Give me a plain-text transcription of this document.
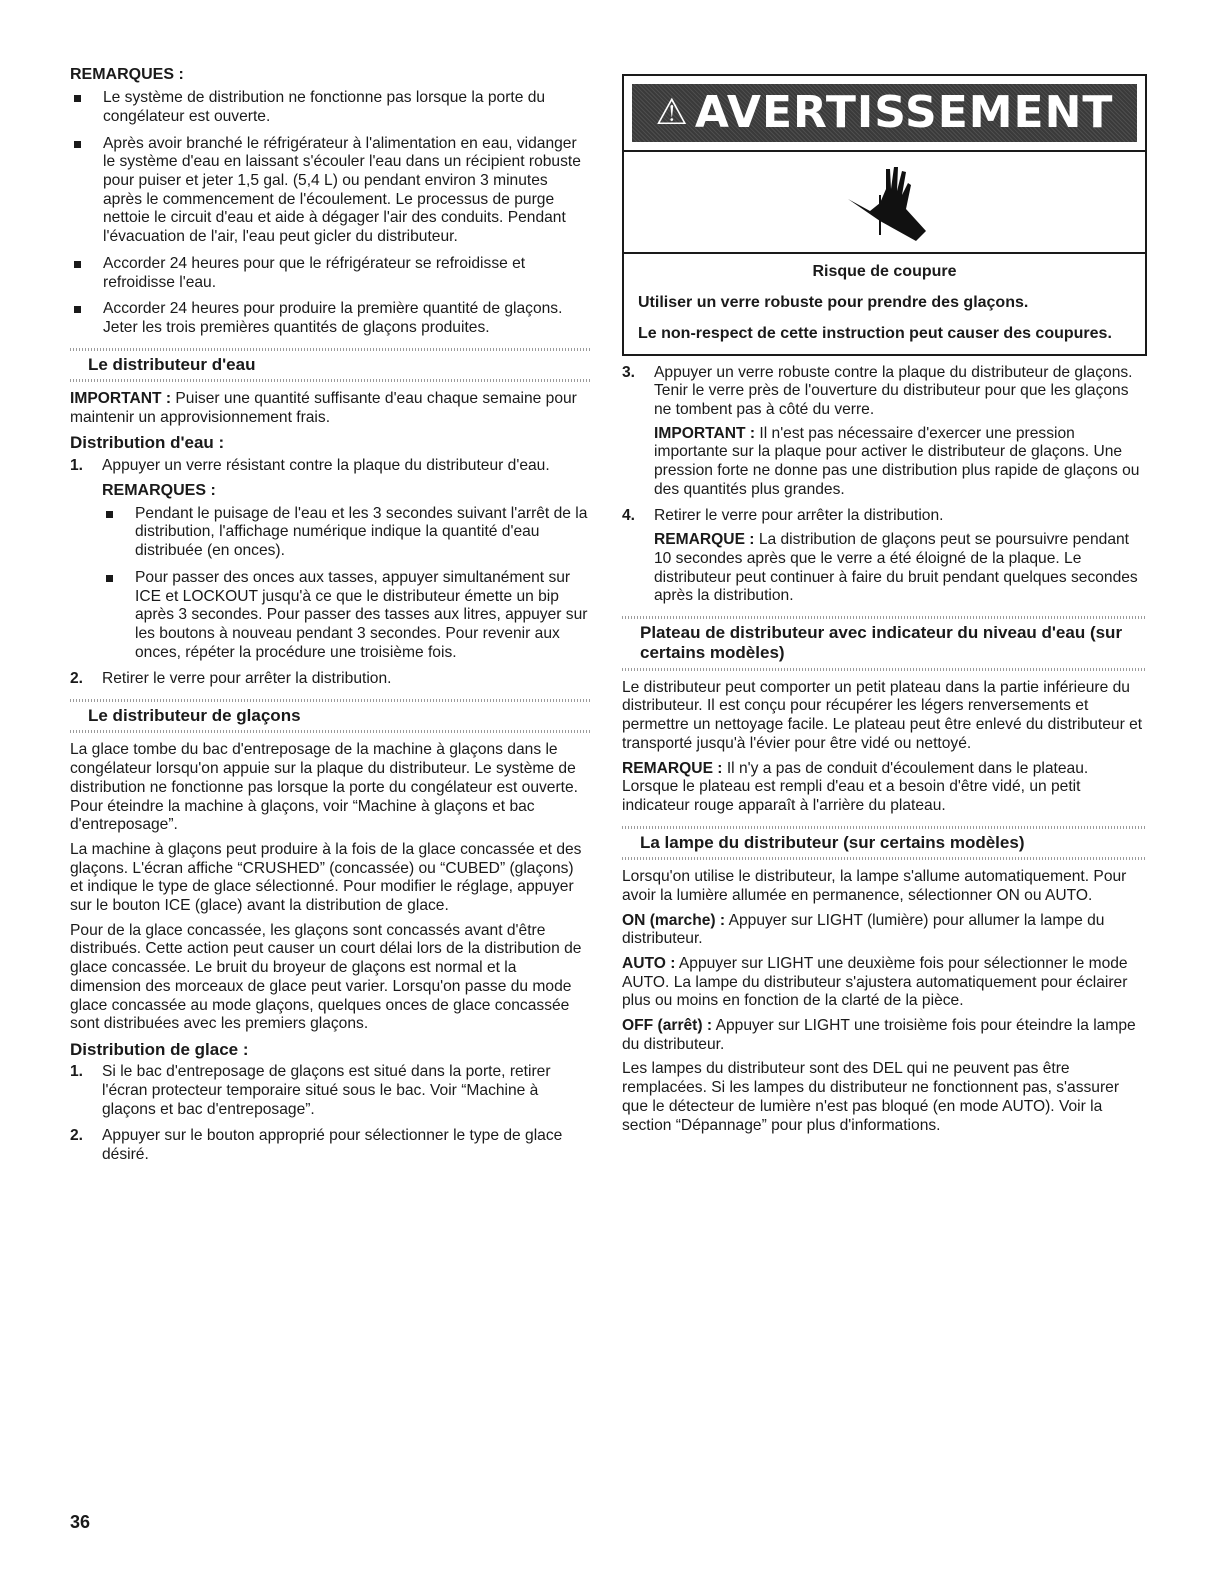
REMARQUES :
Le système de distribution ne fonctionne pas lorsque la porte du congélateur est ouverte.
Après avoir branché le réfrigérateur à l'alimentation en eau, vidanger le système d'eau en laissant s'écouler l'eau dans un récipient robuste pour puiser et jeter 1,5 gal. (5,4 L) ou pendant environ 3 minutes après le commencement de l'écoulement. Le processus de purge nettoie le circuit d'eau et aide à dégager l'air des conduits. Pendant l'évacuation de l'air, l'eau peut gicler du distributeur.
Accorder 24 heures pour que le réfrigérateur se refroidisse et refroidisse l'eau.
Accorder 24 heures pour produire la première quantité de glaçons. Jeter les trois premières quantités de glaçons produites.
Le distributeur d'eau

IMPORTANT : Puiser une quantité suffisante d'eau chaque semaine pour maintenir un approvisionnement frais.

Distribution d'eau :
1. Appuyer un verre résistant contre la plaque du distributeur d'eau.
REMARQUES :
Pendant le puisage de l'eau et les 3 secondes suivant l'arrêt de la distribution, l'affichage numérique indique la quantité d'eau distribuée (en onces).
Pour passer des onces aux tasses, appuyer simultanément sur ICE et LOCKOUT jusqu'à ce que le distributeur émette un bip après 3 secondes. Pour passer des tasses aux litres, appuyer sur les boutons à nouveau pendant 3 secondes. Pour revenir aux onces, répéter la procédure une troisième fois.
2. Retirer le verre pour arrêter la distribution.
Le distributeur de glaçons

La glace tombe du bac d'entreposage de la machine à glaçons dans le congélateur lorsqu'on appuie sur la plaque du distributeur. Le système de distribution ne fonctionne pas lorsque la porte du congélateur est ouverte. Pour éteindre la machine à glaçons, voir “Machine à glaçons et bac d'entreposage”.

La machine à glaçons peut produire à la fois de la glace concassée et des glaçons. L'écran affiche “CRUSHED” (concassée) ou “CUBED” (glaçons) et indique le type de glace sélectionné. Pour modifier le réglage, appuyer sur le bouton ICE (glace) avant la distribution de glace.

Pour de la glace concassée, les glaçons sont concassés avant d'être distribués. Cette action peut causer un court délai lors de la distribution de glace concassée. Le bruit du broyeur de glaçons est normal et la dimension des morceaux de glace peut varier. Lorsqu'on passe du mode glace concassée au mode glaçons, quelques onces de glace concassée sont distribuées avec les premiers glaçons.

Distribution de glace :
1. Si le bac d'entreposage de glaçons est situé dans la porte, retirer l'écran protecteur temporaire situé sous le bac. Voir “Machine à glaçons et bac d'entreposage”.
2. Appuyer sur le bouton approprié pour sélectionner le type de glace désiré.
⚠ AVERTISSEMENT
Risque de coupure
Utiliser un verre robuste pour prendre des glaçons.
Le non-respect de cette instruction peut causer des coupures.
3. Appuyer un verre robuste contre la plaque du distributeur de glaçons. Tenir le verre près de l'ouverture du distributeur pour que les glaçons ne tombent pas à côté du verre.

IMPORTANT : Il n'est pas nécessaire d'exercer une pression importante sur la plaque pour activer le distributeur de glaçons. Une pression forte ne donne pas une distribution plus rapide de glaçons ou des quantités plus grandes.

4. Retirer le verre pour arrêter la distribution.

REMARQUE : La distribution de glaçons peut se poursuivre pendant 10 secondes après que le verre a été éloigné de la plaque. Le distributeur peut continuer à faire du bruit pendant quelques secondes après la distribution.

Plateau de distributeur avec indicateur du niveau d'eau (sur certains modèles)

Le distributeur peut comporter un petit plateau dans la partie inférieure du distributeur. Il est conçu pour récupérer les légers renversements et permettre un nettoyage facile. Le plateau peut être enlevé du distributeur et transporté jusqu'à l'évier pour être vidé ou nettoyé.

REMARQUE : Il n'y a pas de conduit d'écoulement dans le plateau. Lorsque le plateau est rempli d'eau et a besoin d'être vidé, un petit indicateur rouge apparaît à l'arrière du plateau.

La lampe du distributeur (sur certains modèles)

Lorsqu'on utilise le distributeur, la lampe s'allume automatiquement. Pour avoir la lumière allumée en permanence, sélectionner ON ou AUTO.

ON (marche) : Appuyer sur LIGHT (lumière) pour allumer la lampe du distributeur.

AUTO : Appuyer sur LIGHT une deuxième fois pour sélectionner le mode AUTO. La lampe du distributeur s'ajustera automatiquement pour éclairer plus ou moins en fonction de la clarté de la pièce.

OFF (arrêt) : Appuyer sur LIGHT une troisième fois pour éteindre la lampe du distributeur.

Les lampes du distributeur sont des DEL qui ne peuvent pas être remplacées. Si les lampes du distributeur ne fonctionnent pas, s'assurer que le détecteur de lumière n'est pas bloqué (en mode AUTO). Voir la section “Dépannage” pour plus d'informations.

36
